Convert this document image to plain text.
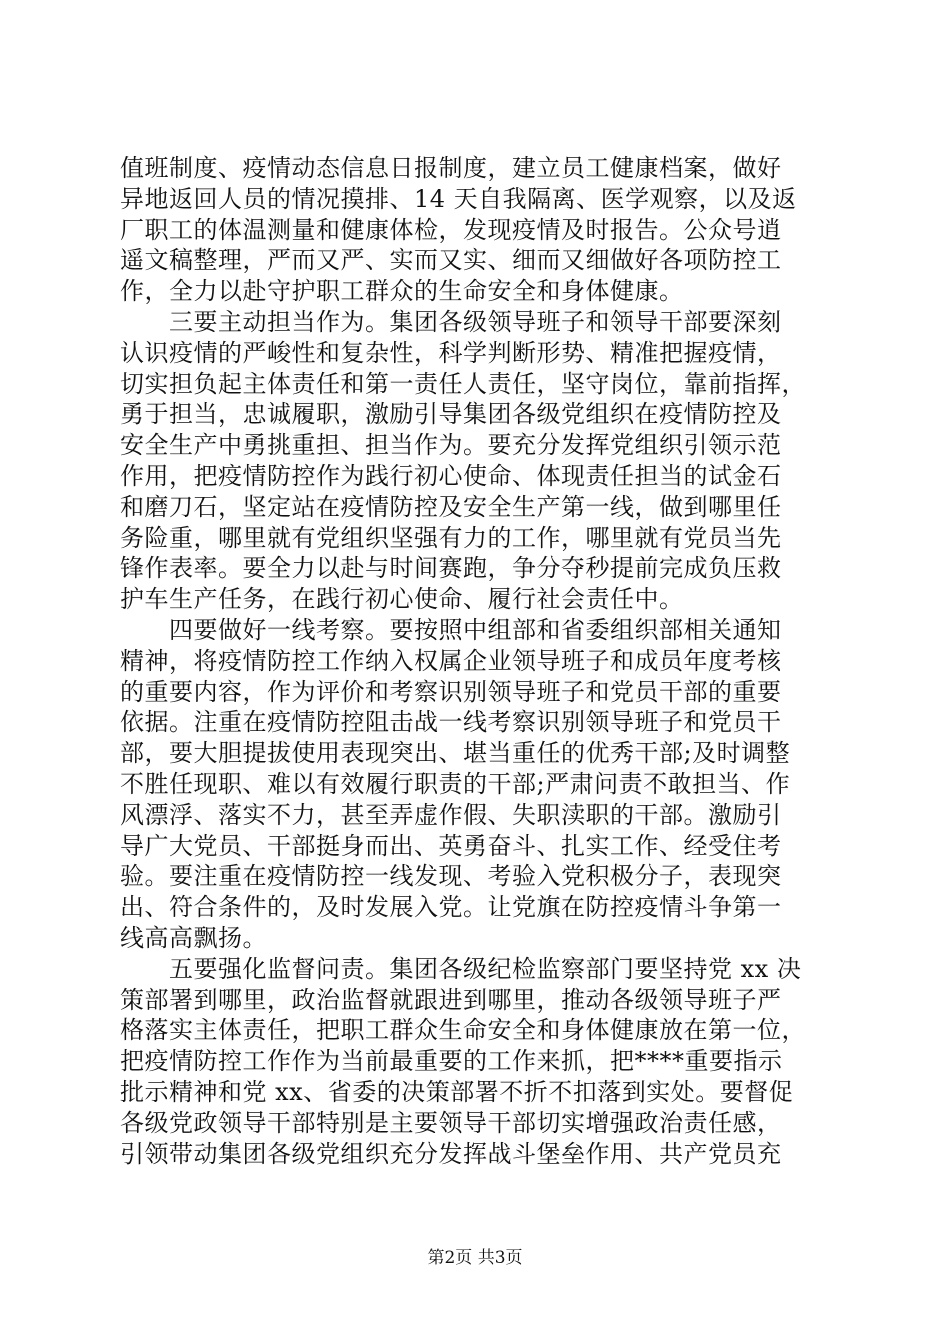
值班制度、疫情动态信息日报制度，建立员工健康档案，做好
异地返回人员的情况摸排、14 天自我隔离、医学观察，以及返
厂职工的体温测量和健康体检，发现疫情及时报告。公众号逍
遥文稿整理，严而又严、实而又实、细而又细做好各项防控工
作，全力以赴守护职工群众的生命安全和身体健康。
　　三要主动担当作为。集团各级领导班子和领导干部要深刻
认识疫情的严峻性和复杂性，科学判断形势、精准把握疫情，
切实担负起主体责任和第一责任人责任，坚守岗位，靠前指挥，
勇于担当，忠诚履职，激励引导集团各级党组织在疫情防控及
安全生产中勇挑重担、担当作为。要充分发挥党组织引领示范
作用，把疫情防控作为践行初心使命、体现责任担当的试金石
和磨刀石，坚定站在疫情防控及安全生产第一线，做到哪里任
务险重，哪里就有党组织坚强有力的工作，哪里就有党员当先
锋作表率。要全力以赴与时间赛跑，争分夺秒提前完成负压救
护车生产任务，在践行初心使命、履行社会责任中。
　　四要做好一线考察。要按照中组部和省委组织部相关通知
精神，将疫情防控工作纳入权属企业领导班子和成员年度考核
的重要内容，作为评价和考察识别领导班子和党员干部的重要
依据。注重在疫情防控阻击战一线考察识别领导班子和党员干
部，要大胆提拔使用表现突出、堪当重任的优秀干部;及时调整
不胜任现职、难以有效履行职责的干部;严肃问责不敢担当、作
风漂浮、落实不力，甚至弄虚作假、失职渎职的干部。激励引
导广大党员、干部挺身而出、英勇奋斗、扎实工作、经受住考
验。要注重在疫情防控一线发现、考验入党积极分子，表现突
出、符合条件的，及时发展入党。让党旗在防控疫情斗争第一
线高高飘扬。
　　五要强化监督问责。集团各级纪检监察部门要坚持党 xx 决
策部署到哪里，政治监督就跟进到哪里，推动各级领导班子严
格落实主体责任，把职工群众生命安全和身体健康放在第一位，
把疫情防控工作作为当前最重要的工作来抓，把****重要指示
批示精神和党 xx、省委的决策部署不折不扣落到实处。要督促
各级党政领导干部特别是主要领导干部切实增强政治责任感，
引领带动集团各级党组织充分发挥战斗堡垒作用、共产党员充
第2页 共3页
